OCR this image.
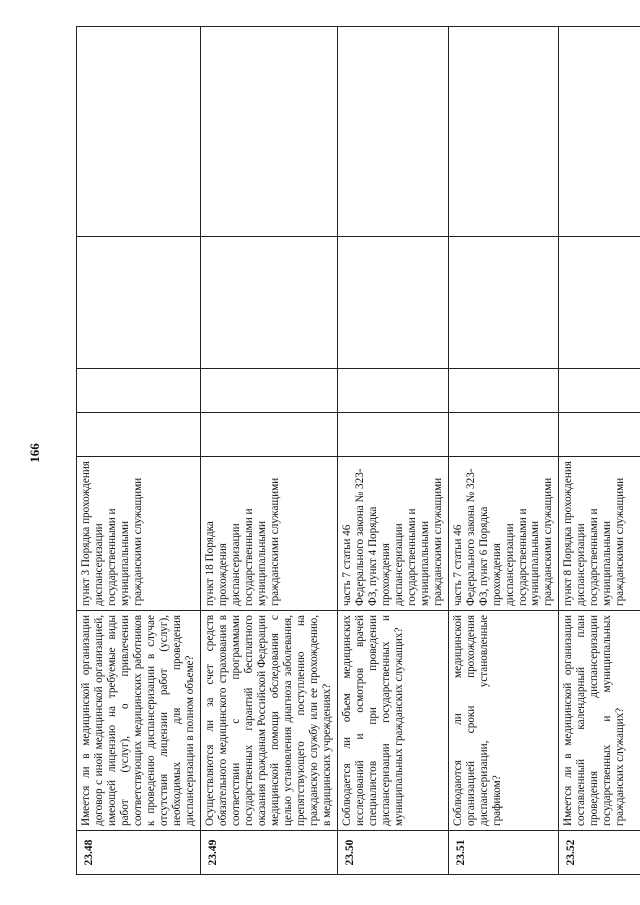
166
23.48	Имеется ли в медицинской организации договор с иной медицинской организацией, имеющей лицензию на требуемые виды работ (услуг), о привлечении соответствующих медицинских работников к проведению диспансеризации в случае отсутствия лицензии работ (услуг), необходимых для проведения диспансеризации в полном объеме?	пункт 3 Порядка прохождения диспансеризации государственными и муниципальными гражданскими служащими				
23.49	Осуществляются ли за счет средств обязательного медицинского страхования в соответствии с программами государственных гарантий бесплатного оказания гражданам Российской Федерации медицинской помощи обследования с целью установления диагноза заболевания, препятствующего поступлению на гражданскую службу или ее прохождению, в медицинских учреждениях?	пункт 18 Порядка прохождения диспансеризации государственными и муниципальными гражданскими служащими				
23.50	Соблюдается ли объем медицинских исследований и осмотров врачей специалистов при проведении диспансеризации государственных и муниципальных гражданских служащих?	часть 7 статьи 46 Федерального закона № 323-ФЗ, пункт 4 Порядка прохождения диспансеризации государственными и муниципальными гражданскими служащими				
23.51	Соблюдаются ли медицинской организацией сроки прохождения диспансеризации, установленные графиком?	часть 7 статьи 46 Федерального закона № 323-ФЗ, пункт 6 Порядка прохождения диспансеризации государственными и муниципальными гражданскими служащими				
23.52	Имеется ли в медицинской организации составленный календарный план проведения диспансеризации государственных и муниципальных гражданских служащих?	пункт 8 Порядка прохождения диспансеризации государственными и муниципальными гражданскими служащими				
